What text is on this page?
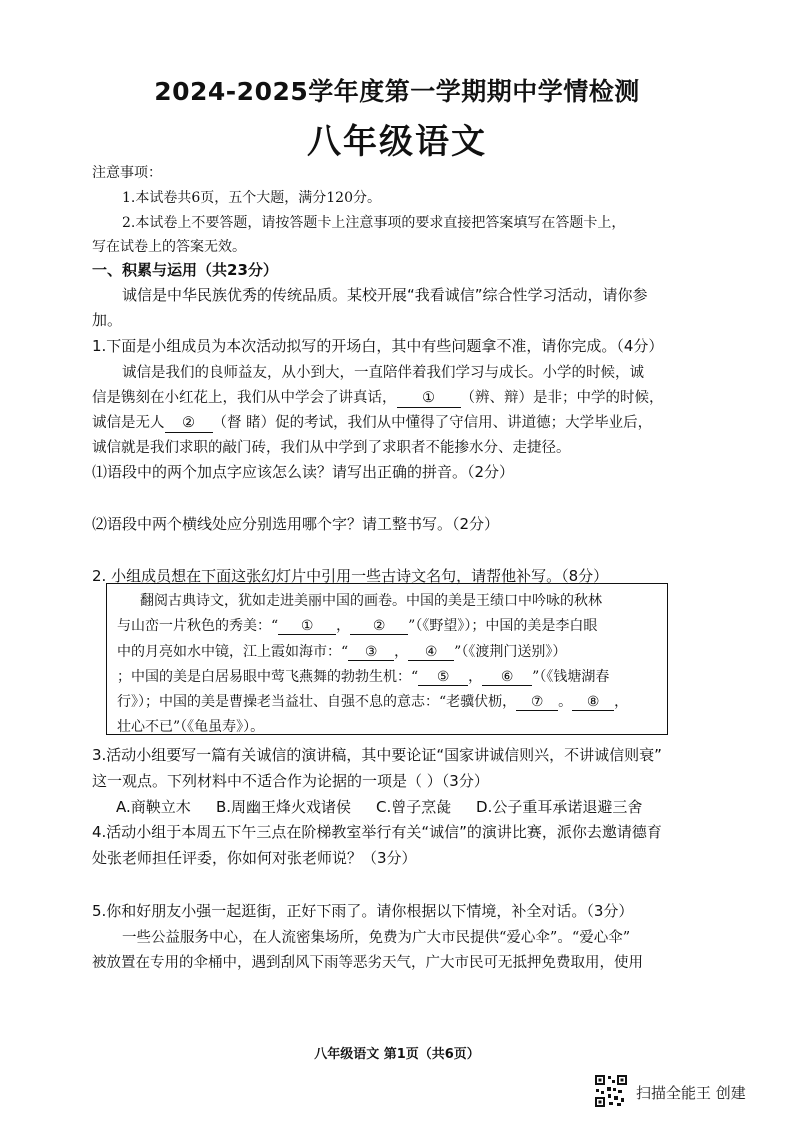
2024-2025学年度第一学期期中学情检测
八年级语文
注意事项：
1.本试卷共6页，五个大题，满分120分。
2.本试卷上不要答题，请按答题卡上注意事项的要求直接把答案填写在答题卡上，
写在试卷上的答案无效。
一、积累与运用（共23分）
诚信是中华民族优秀的传统品质。某校开展“我看诚信”综合性学习活动，请你参
加。
1.下面是小组成员为本次活动拟写的开场白，其中有些问题拿不准，请你完成。（4分）
诚信是我们的良师益友，从小到大，一直陪伴着我们学习与成长。小学的时候，诚
信是镌刻在小红花上，我们从中学会了讲真话， ① （辨、辩）是非；中学的时候，
诚信是无人 ② （督 睹）促的考试，我们从中懂得了守信用、讲道德；大学毕业后，
诚信就是我们求职的敲门砖，我们从中学到了求职者不能掺水分、走捷径。
⑴语段中的两个加点字应该怎么读？请写出正确的拼音。（2分）
⑵语段中两个横线处应分别选用哪个字？请工整书写。（2分）
2. 小组成员想在下面这张幻灯片中引用一些古诗文名句，请帮他补写。（8分）
翻阅古典诗文，犹如走进美丽中国的画卷。中国的美是王绩口中吟咏的秋林
与山峦一片秋色的秀美：“ ① ， ② ”（《野望》）；中国的美是李白眼
中的月亮如水中镜，江上霞如海市：“ ③ ， ④ ”（《渡荆门送别》）
；中国的美是白居易眼中莺飞燕舞的勃勃生机：“ ⑤ ， ⑥ ”（《钱塘湖春
行》）；中国的美是曹操老当益壮、自强不息的意志：“老骥伏枥， ⑦ 。 ⑧ ，
壮心不已”（《龟虽寿》）。
3.活动小组要写一篇有关诚信的演讲稿，其中要论证“国家讲诚信则兴，不讲诚信则衰”
这一观点。下列材料中不适合作为论据的一项是（ ）（3分）
A.商鞅立木 B.周幽王烽火戏诸侯 C.曾子烹彘 D.公子重耳承诺退避三舍
4.活动小组于本周五下午三点在阶梯教室举行有关“诚信”的演讲比赛，派你去邀请德育
处张老师担任评委，你如何对张老师说？（3分）
5.你和好朋友小强一起逛街，正好下雨了。请你根据以下情境，补全对话。（3分）
一些公益服务中心，在人流密集场所，免费为广大市民提供“爱心伞”。“爱心伞”
被放置在专用的伞桶中，遇到刮风下雨等恶劣天气，广大市民可无抵押免费取用，使用
八年级语文 第1页（共6页）
扫描全能王 创建
